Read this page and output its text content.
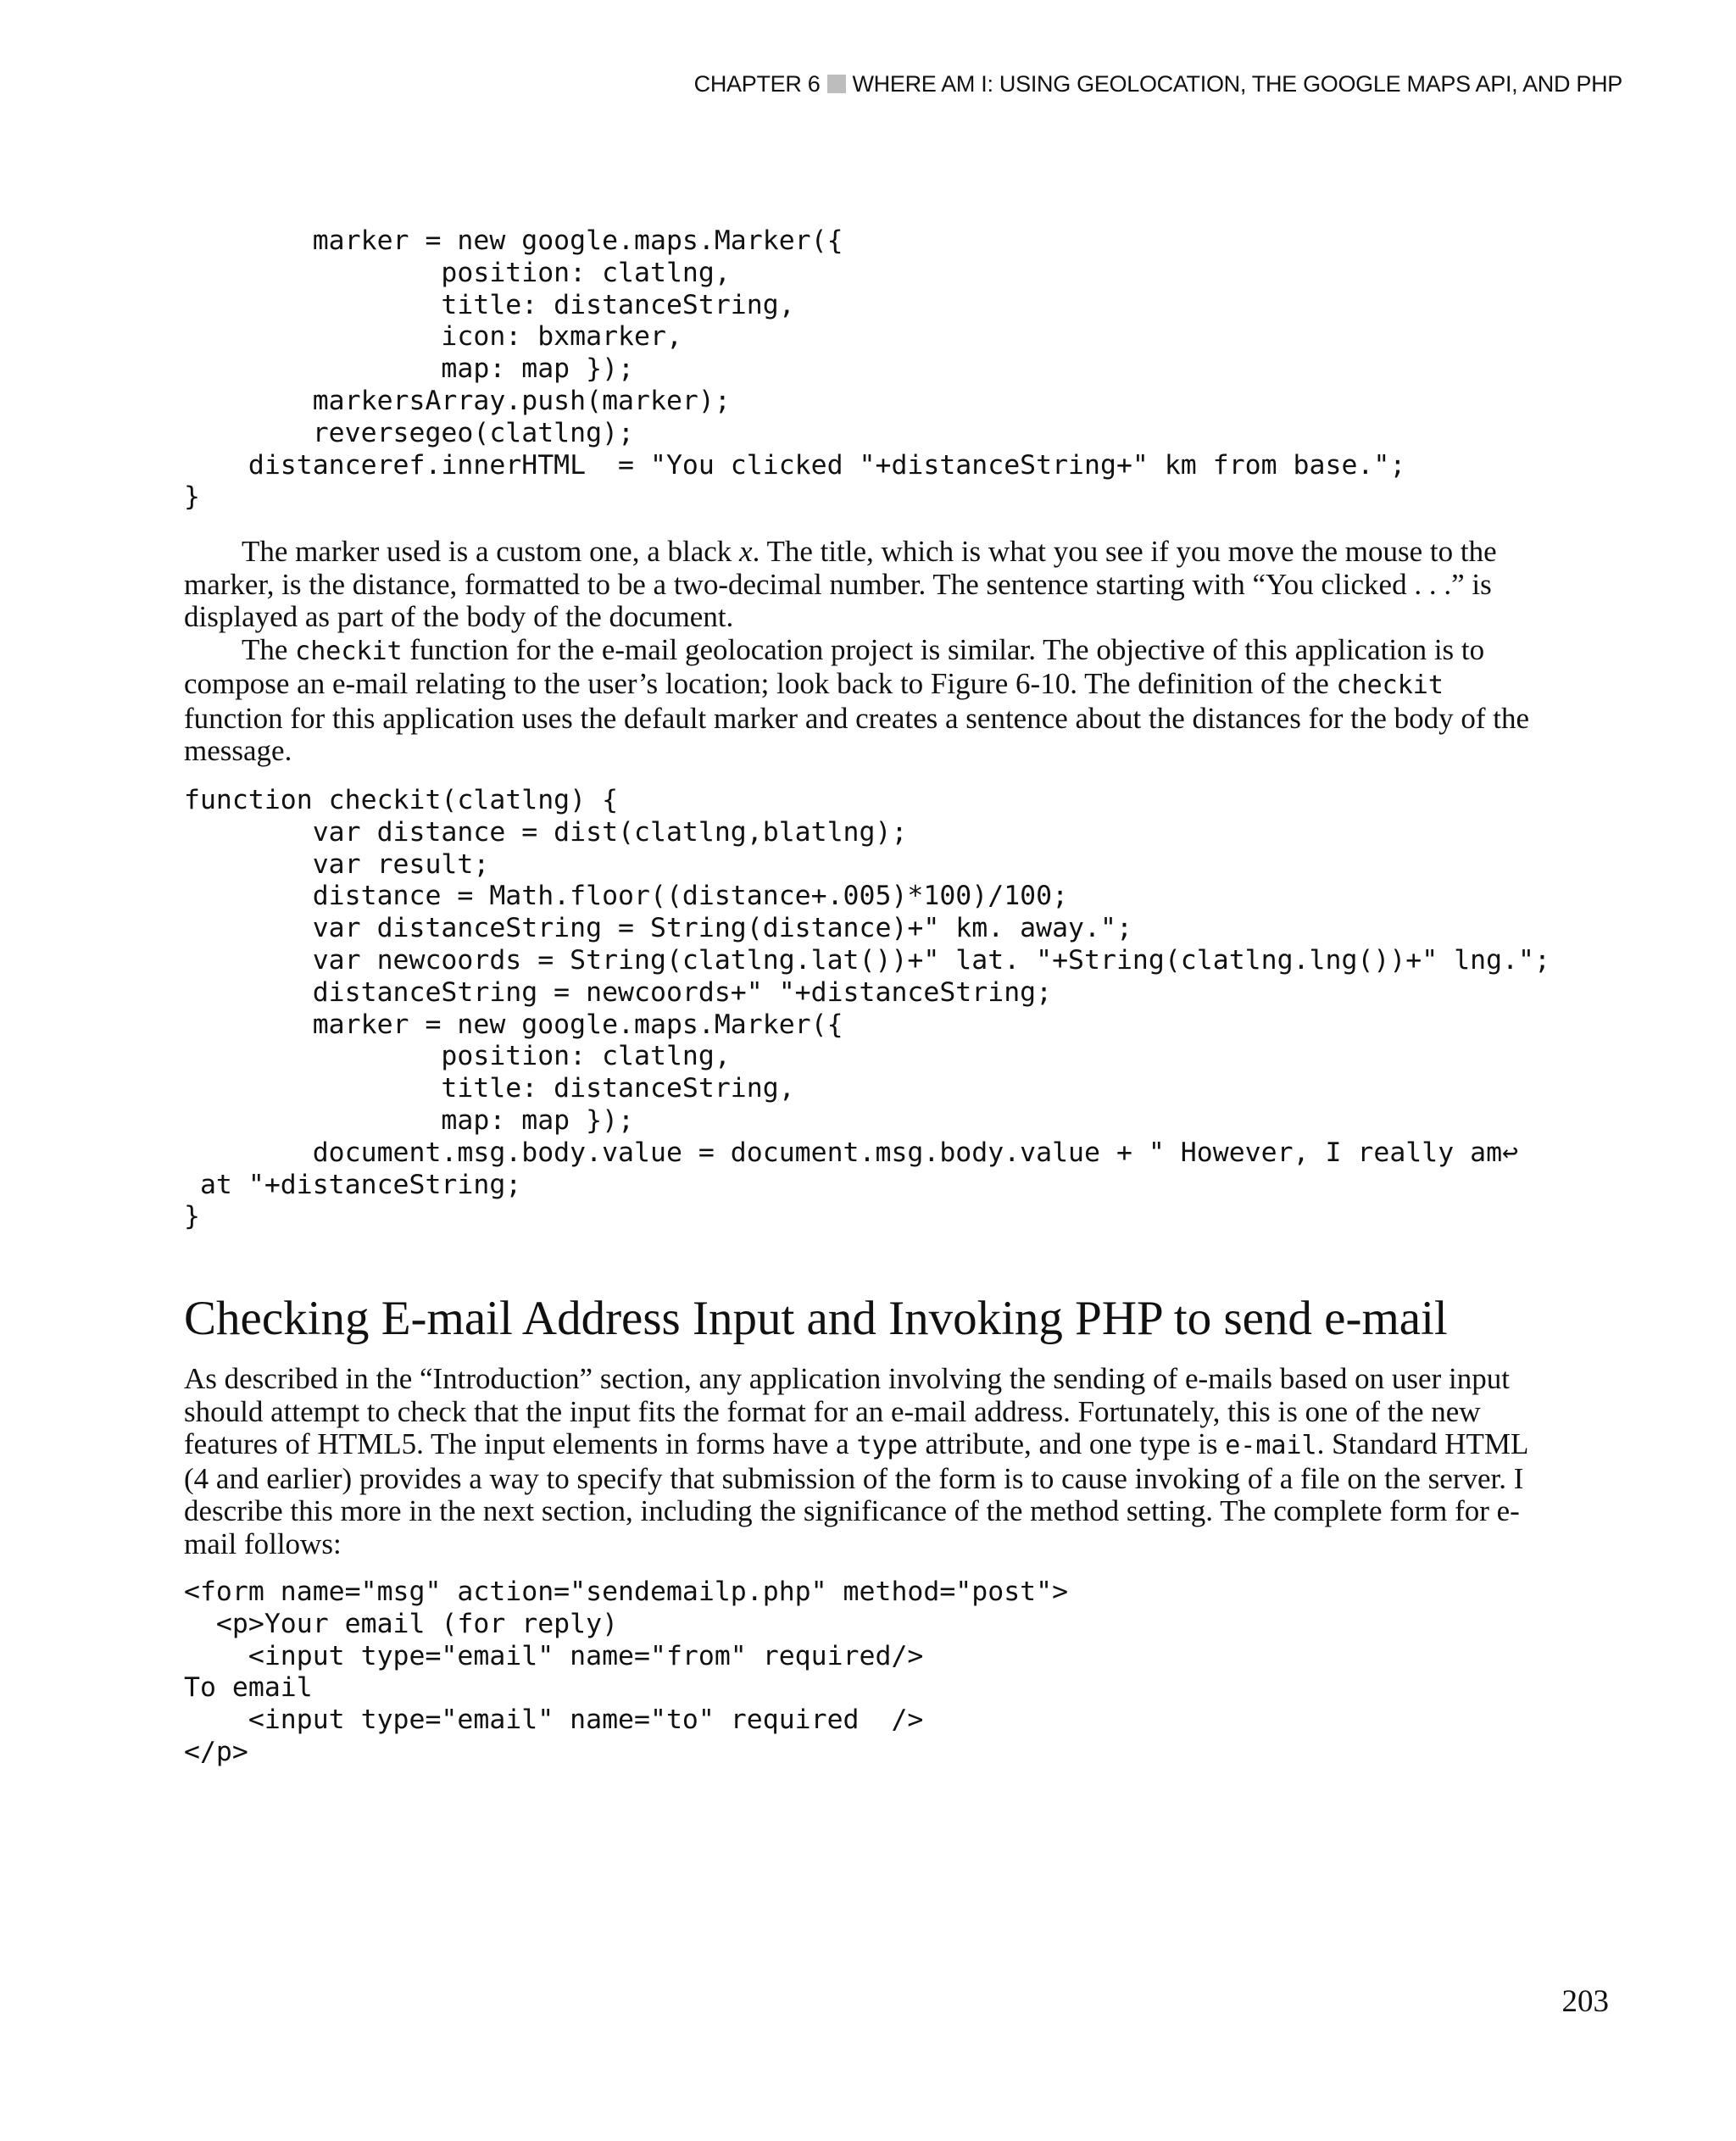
CHAPTER 6 WHERE AM I: USING GEOLOCATION, THE GOOGLE MAPS API, AND PHP
marker = new google.maps.Marker({
position: clatlng,
title: distanceString,
icon: bxmarker,
map: map });
markersArray.push(marker);
reversegeo(clatlng);
distanceref.innerHTML  = "You clicked "+distanceString+" km from base.";
}

The marker used is a custom one, a black x. The title, which is what you see if you move the mouse to the marker, is the distance, formatted to be a two-decimal number. The sentence starting with “You clicked . . .” is displayed as part of the body of the document.

The checkit function for the e-mail geolocation project is similar. The objective of this application is to compose an e-mail relating to the user’s location; look back to Figure 6-10. The definition of the checkit function for this application uses the default marker and creates a sentence about the distances for the body of the message.

function checkit(clatlng) {
var distance = dist(clatlng,blatlng);
var result;
distance = Math.floor((distance+.005)*100)/100;
var distanceString = String(distance)+" km. away.";
var newcoords = String(clatlng.lat())+" lat. "+String(clatlng.lng())+" lng.";
distanceString = newcoords+" "+distanceString;
marker = new google.maps.Marker({
position: clatlng,
title: distanceString,
map: map });
document.msg.body.value = document.msg.body.value + " However, I really am↩
at "+distanceString;
}
Checking E-mail Address Input and Invoking PHP to send e-mail

As described in the “Introduction” section, any application involving the sending of e-mails based on user input should attempt to check that the input fits the format for an e-mail address. Fortunately, this is one of the new features of HTML5. The input elements in forms have a type attribute, and one type is e-mail. Standard HTML (4 and earlier) provides a way to specify that submission of the form is to cause invoking of a file on the server. I describe this more in the next section, including the significance of the method setting. The complete form for e-mail follows:

<form name="msg" action="sendemailp.php" method="post">
<p>Your email (for reply)
<input type="email" name="from" required/>
To email
<input type="email" name="to" required  />
</p>
203
